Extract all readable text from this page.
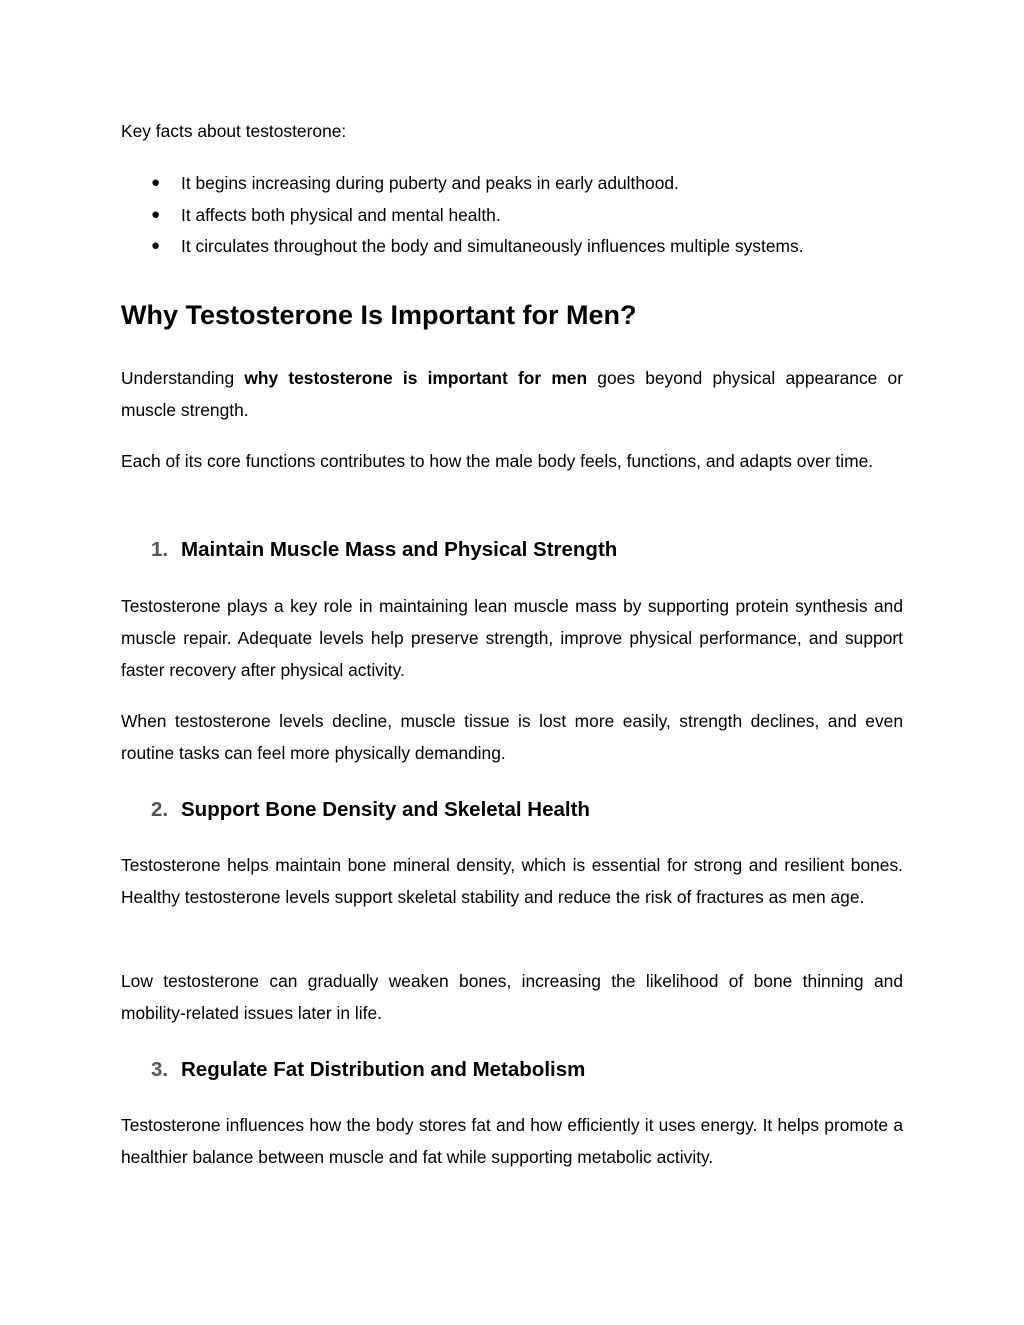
Key facts about testosterone:

●	It begins increasing during puberty and peaks in early adulthood.
●	It affects both physical and mental health.
●	It circulates throughout the body and simultaneously influences multiple systems.
Why Testosterone Is Important for Men?

Understanding why testosterone is important for men goes beyond physical appearance or muscle strength.

Each of its core functions contributes to how the male body feels, functions, and adapts over time.

1. Maintain Muscle Mass and Physical Strength

Testosterone plays a key role in maintaining lean muscle mass by supporting protein synthesis and muscle repair. Adequate levels help preserve strength, improve physical performance, and support faster recovery after physical activity.

When testosterone levels decline, muscle tissue is lost more easily, strength declines, and even routine tasks can feel more physically demanding.

2. Support Bone Density and Skeletal Health

Testosterone helps maintain bone mineral density, which is essential for strong and resilient bones. Healthy testosterone levels support skeletal stability and reduce the risk of fractures as men age.

Low testosterone can gradually weaken bones, increasing the likelihood of bone thinning and mobility-related issues later in life.

3. Regulate Fat Distribution and Metabolism

Testosterone influences how the body stores fat and how efficiently it uses energy. It helps promote a healthier balance between muscle and fat while supporting metabolic activity.
